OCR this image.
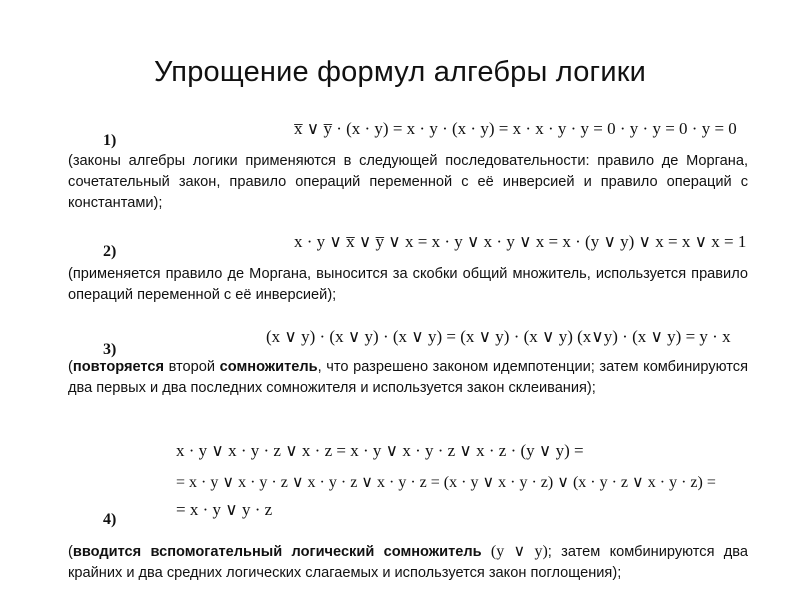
Упрощение формул алгебры логики
1)
x̅ ∨ y̅ · (x · y) = x · y · (x · y) = x · x · y · y = 0 · y · y = 0 · y = 0
(законы алгебры логики применяются в следующей последовательности: правило де Моргана, сочетательный закон, правило операций переменной с её инверсией и правило операций с константами);
2)
x · y ∨ x̅ ∨ y̅ ∨ x = x · y ∨ x · y ∨ x = x · (y ∨ y) ∨ x = x ∨ x = 1
(применяется правило де Моргана, выносится за скобки общий множитель, используется правило операций переменной с её инверсией);
3)
(x ∨ y) · (x ∨ y) · (x ∨ y) = (x ∨ y) · (x ∨ y) (x∨y) · (x ∨ y) = y · x
(повторяется второй сомножитель, что разрешено законом идемпотенции; затем комбинируются два первых и два последних сомножителя и используется закон склеивания);
x · y ∨ x · y · z ∨ x · z = x · y ∨ x · y · z ∨ x · z · (y ∨ y) =
= x · y ∨ x · y · z ∨ x · y · z ∨ x · y · z = (x · y ∨ x · y · z) ∨ (x · y · z ∨ x · y · z) =
= x · y ∨ y · z
4)
(вводится вспомогательный логический сомножитель (y ∨ y); затем комбинируются два крайних и два средних логических слагаемых и используется закон поглощения);
